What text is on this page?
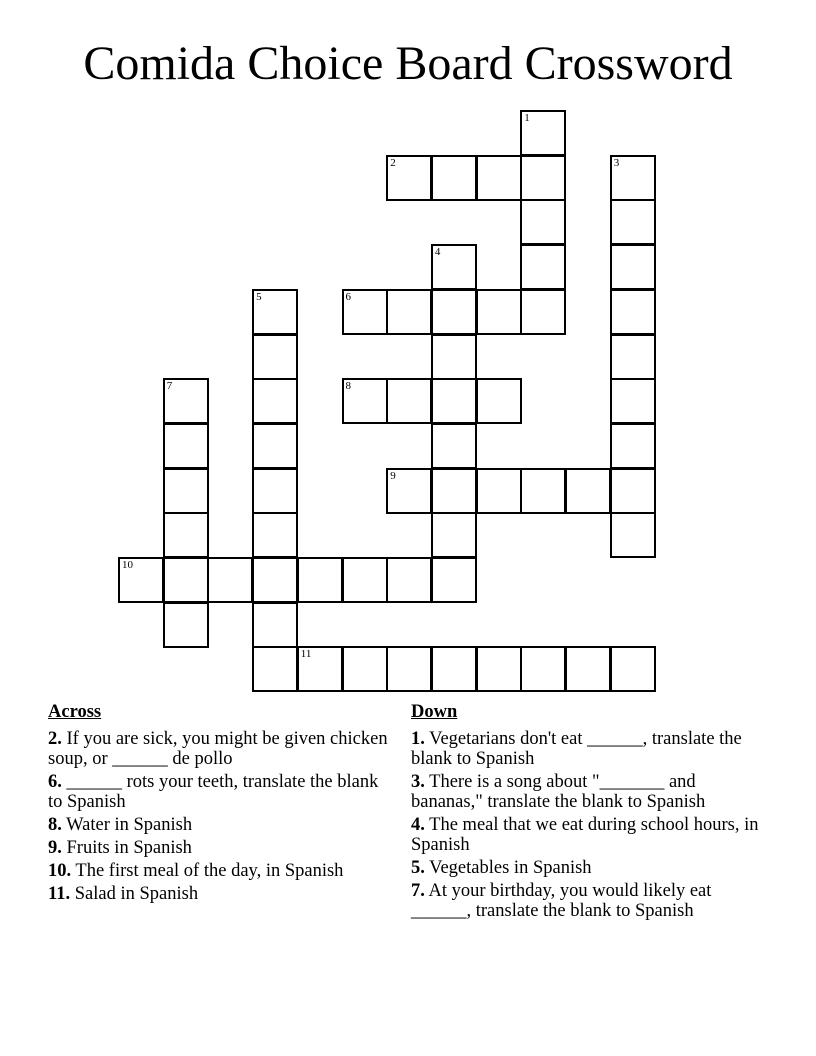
Comida Choice Board Crossword
1
2	3
4
5	6
7	8
9
10
11
Across
2. If you are sick, you might be given chicken soup, or ______ de pollo
6. ______ rots your teeth, translate the blank to Spanish
8. Water in Spanish
9. Fruits in Spanish
10. The first meal of the day, in Spanish
11. Salad in Spanish
Down
1. Vegetarians don't eat ______, translate the blank to Spanish
3. There is a song about "_______ and bananas," translate the blank to Spanish
4. The meal that we eat during school hours, in Spanish
5. Vegetables in Spanish
7. At your birthday, you would likely eat ______, translate the blank to Spanish
